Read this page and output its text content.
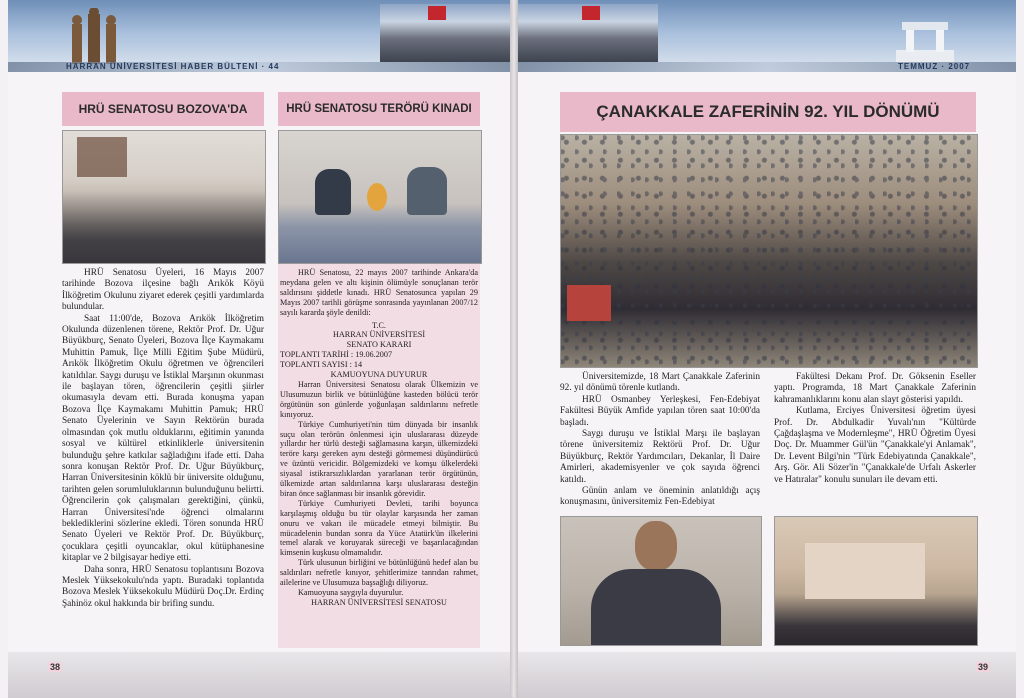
HARRAN ÜNİVERSİTESİ HABER BÜLTENİ · 44
HRÜ SENATOSU BOZOVA'DA

HRÜ Senatosu Üyeleri, 16 Mayıs 2007 tarihinde Bozova ilçesine bağlı Arıkök Köyü İlköğretim Okulunu ziyaret ederek çeşitli yardımlarda bulundular.

Saat 11:00'de, Bozova Arıkök İlköğretim Okulunda düzenlenen törene, Rektör Prof. Dr. Uğur Büyükburç, Senato Üyeleri, Bozova İlçe Kaymakamı Muhittin Pamuk, İlçe Milli Eğitim Şube Müdürü, Arıkök İlköğretim Okulu öğretmen ve öğrencileri katıldılar. Saygı duruşu ve İstiklal Marşının okunması ile başlayan tören, öğrencilerin çeşitli şiirler okumasıyla devam etti. Burada konuşma yapan Bozova İlçe Kaymakamı Muhittin Pamuk; HRÜ Senato Üyelerinin ve Sayın Rektörün burada olmasından çok mutlu olduklarını, eğitimin yanında sosyal ve kültürel etkinliklerle üniversitenin bulunduğu şehre katkılar sağladığını ifade etti. Daha sonra konuşan Rektör Prof. Dr. Uğur Büyükburç, Harran Üniversitesinin köklü bir üniversite olduğunu, tarihten gelen sorumluluklarının bulunduğunu belirtti. Öğrencilerin çok çalışmaları gerektiğini, çünkü, Harran Üniversitesi'nde öğrenci olmalarını beklediklerini sözlerine ekledi. Tören sonunda HRÜ Senato Üyeleri ve Rektör Prof. Dr. Büyükburç, çocuklara çeşitli oyuncaklar, okul kütüphanesine kitaplar ve 2 bilgisayar hediye etti.

Daha sonra, HRÜ Senatosu toplantısını Bozova Meslek Yüksekokulu'nda yaptı. Buradaki toplantıda Bozova Meslek Yüksekokulu Müdürü Doç.Dr. Erdinç Şahinöz okul hakkında bir brifing sundu.

HRÜ SENATOSU TERÖRÜ KINADI

HRÜ Senatosu, 22 mayıs 2007 tarihinde Ankara'da meydana gelen ve altı kişinin ölümüyle sonuçlanan terör saldırısını şiddetle kınadı. HRÜ Senatosunca yapılan 29 Mayıs 2007 tarihli görüşme sonrasında yayınlanan 2007/12 sayılı kararda şöyle denildi:

T.C.

HARRAN ÜNİVERSİTESİ

SENATO KARARI

TOPLANTI TARİHİ : 19.06.2007

TOPLANTI SAYISI : 14

KAMUOYUNA DUYURUR

Harran Üniversitesi Senatosu olarak Ülkemizin ve Ulusumuzun birlik ve bütünlüğüne kasteden bölücü terör örgütünün son günlerde yoğunlaşan saldırılarını nefretle kınıyoruz.

Türkiye Cumhuriyeti'nin tüm dünyada bir insanlık suçu olan terörün önlenmesi için uluslararası düzeyde yıllardır her türlü desteği sağlamasına karşın, ülkemizdeki teröre karşı gereken aynı desteği görmemesi düşündürücü ve üzüntü vericidir. Bölgemizdeki ve komşu ülkelerdeki siyasal istikrarsızlıklardan yararlanan terör örgütünün, ülkemizde artan saldırılarına karşı uluslararası desteğin biran önce sağlanması bir insanlık görevidir.

Türkiye Cumhuriyeti Devleti, tarihi boyunca karşılaşmış olduğu bu tür olaylar karşısında her zaman onuru ve vakarı ile mücadele etmeyi bilmiştir. Bu mücadelenin bundan sonra da Yüce Atatürk'ün ilkelerini temel alarak ve koruyarak süreceği ve başarılacağından kimsenin kuşkusu olmamalıdır.

Türk ulusunun birliğini ve bütünlüğünü hedef alan bu saldırıları nefretle kınıyor, şehitlerimize tanrıdan rahmet, ailelerine ve Ulusumuza başsağlığı diliyoruz.

Kamuoyuna saygıyla duyurulur.

HARRAN ÜNİVERSİTESİ SENATOSU

38
TEMMUZ · 2007
ÇANAKKALE ZAFERİNİN 92. YIL DÖNÜMÜ

Üniversitemizde, 18 Mart Çanakkale Zaferinin 92. yıl dönümü törenle kutlandı.

HRÜ Osmanbey Yerleşkesi, Fen-Edebiyat Fakültesi Büyük Amfide yapılan tören saat 10:00'da başladı.

Saygı duruşu ve İstiklal Marşı ile başlayan törene üniversitemiz Rektörü Prof. Dr. Uğur Büyükburç, Rektör Yardımcıları, Dekanlar, İl Daire Amirleri, akademisyenler ve çok sayıda öğrenci katıldı.

Günün anlam ve öneminin anlatıldığı açış konuşmasını, üniversitemiz Fen-Edebiyat

Fakültesi Dekanı Prof. Dr. Göksenin Eseller yaptı. Programda, 18 Mart Çanakkale Zaferinin kahramanlıklarını konu alan slayt gösterisi yapıldı.

Kutlama, Erciyes Üniversitesi öğretim üyesi Prof. Dr. Abdulkadir Yuvalı'nın "Kültürde Çağdaşlaşma ve Modernleşme", HRÜ Öğretim Üyesi Doç. Dr. Muammer Gül'ün "Çanakkale'yi Anlamak", Dr. Levent Bilgi'nin "Türk Edebiyatında Çanakkale", Arş. Gör. Ali Sözer'in "Çanakkale'de Urfalı Askerler ve Hatıralar" konulu sunuları ile devam etti.

39
